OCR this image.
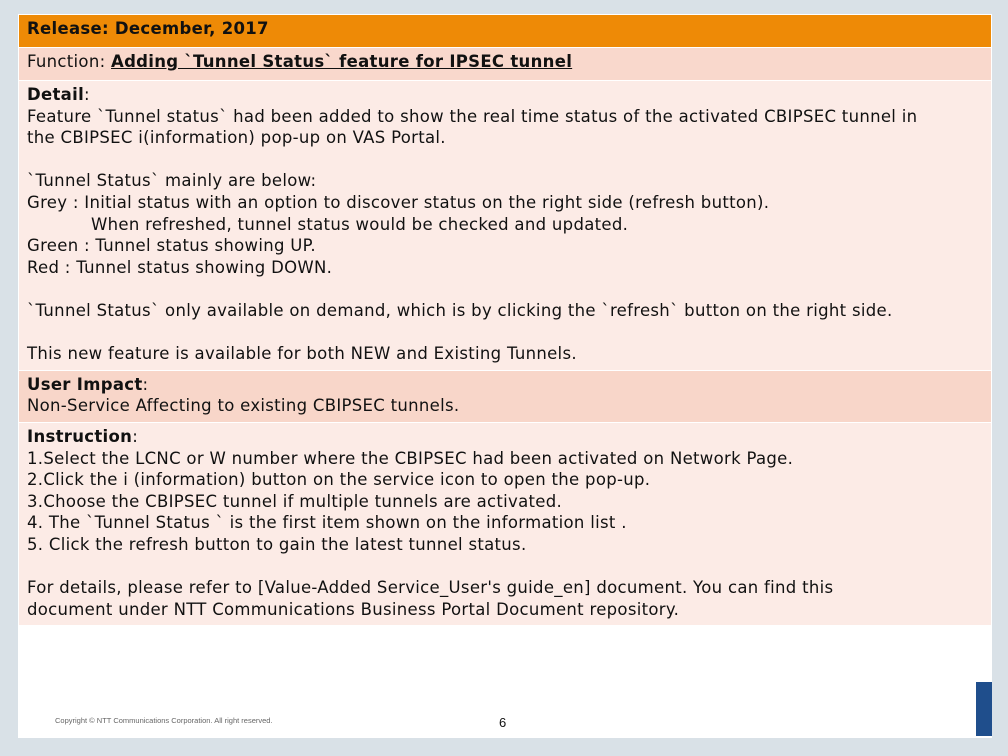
Release: December, 2017
Function: Adding `Tunnel Status` feature for IPSEC tunnel

Detail:
Feature `Tunnel status` had been added to show the real time status of the activated CBIPSEC tunnel in
the CBIPSEC i(information) pop-up on VAS Portal.
`Tunnel Status` mainly are below:
Grey : Initial status with an option to discover status on the right side (refresh button).
When refreshed, tunnel status would be checked and updated.
Green : Tunnel status showing UP.
Red : Tunnel status showing DOWN.
`Tunnel Status` only available on demand, which is by clicking the `refresh` button on the right side.
This new feature is available for both NEW and Existing Tunnels.

User Impact:
Non-Service Affecting to existing CBIPSEC tunnels.

Instruction:
1.Select the LCNC or W number where the CBIPSEC had been activated on Network Page.
2.Click the i (information) button on the service icon to open the pop-up.
3.Choose the CBIPSEC tunnel if multiple tunnels are activated.
4. The `Tunnel Status ` is the first item shown on the information list .
5. Click the refresh button to gain the latest tunnel status.
For details, please refer to [Value-Added Service_User's guide_en] document. You can find this
document under NTT Communications Business Portal Document repository.
Copyright © NTT Communications Corporation. All right reserved.	6
